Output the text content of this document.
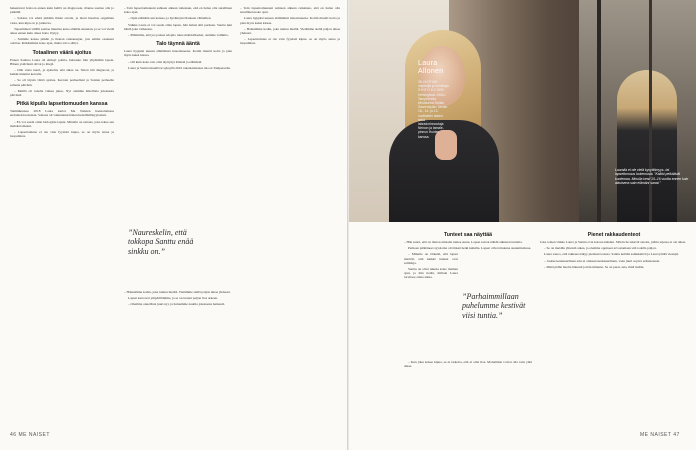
hakeutuvat hoitoon ennen kuin heillä on diagnoosia, tilanne saattaa olla jo pitkällä.

– Sairaus voi edetä pitkään ilman oireita, ja moni huomaa ongelman vasta, kun kipu on jo jatkuvaa.

Tapaaminen välillä saattaa muuttaa koko elämän suunnan, ja se voi viedä aikaa ennen kuin oikea hoito löytyy.

– Saimme kokea pitkän ja ihanan raskausajan, jota emme osanneet odottaa. Pelkäsimme koko ajan, mutta toivo säilyi.

Totaalinen väärä ajoitus

Ennen Santtua Laura oli ehtinyt pohtia, haluaako hän ylipäätään lapsia. Hänen ystävänsä olivat jo äitejä.

– Olin vasta nuori, ja ajattelin, että aikaa on. Sitten tuli diagnoosi, ja kaikki muuttui kerralla.

– Se oli täysin väärä ajoitus. Kerroin perheelleni ja Santun perheelle samana päivänä.

– Meillä oli todella vaikea jakso. Nyt olemme kiitollisia jokaisesta päivästä.

Pitkä kipuilu lapsettomuuden kanssa

Tammikuussa 2018 Laura kertoi Me Naisten haastattelussa endometrioosistaan. Sairaus oli vaikuttanut hänen hedelmällisyyteensä.

– En voi saada omia biologisia lapsia. Minulla on sairaus, joka tekee sen mahdottomaksi.

– Lapsettomuus ei ole vain fyysistä kipua, se on myös surua ja luopumista.

– Tein lapsettomuuteni suhteen alkuun ratkaisun, että en halua olla surullinen koko ajan.

– Opin elämään sen kanssa, ja hyväksyin tilanteen vähitellen.

Vaikka Laura ei voi saada omia lapsia, hän halusi silti perheen. Santtu tuki häntä joka vaiheessa.

– Päätimme, että jos joskus adoptio tulee mahdolliseksi, olemme valmiita.

Talo täynnä ääntä

Laura hyppäsi uuteen elämäänsä innostuneena. Kotiin muutti koira ja pian myös kaksi kissaa.

– Oli kuin koko talo olisi täyttynyt äänistä ja elämästä.

Laura ja Santtu muuttivat syksyllä 2022 rakentamaansa taloon Tampereelle.

– Halusimme kodin, joka tuntuu meiltä. Vietämme siellä paljon aikaa yhdessä.

Lapset kasvavat ympärillämme, ja se on tuonut paljon iloa arkeen.

– Olemme onnellisia juuri nyt, ja haluamme nauttia jokaisesta hetkestä.

”Naureskelin, että tokkopa Santtu enää sinkku on.”

– Tein lapsettomuuteni suhteen alkuun ratkaisun, että en halua olla surullinen koko ajan.

Laura hyppäsi uuteen elämäänsä innostuneena. Kotiin muutti koira ja pian myös kaksi kissaa.

– Halusimme kodin, joka tuntuu meiltä. Vietämme siellä paljon aikaa yhdessä.

– Lapsettomuus ei ole vain fyysistä kipua, se on myös surua ja luopumista.

46 ME NAISET
Laura Allonen
35-VUOTIAS näyttelijä ja toimittaja. SYNTYI 8.2.1990 Helsingissä. ASUU Tampereella kihlattunsa Santtu Saarenkylän, tämän 16-, 14- ja 12-vuotiaiden lasten sekä labradorinnoutaja Neinon ja tamale-pinnun Huiden kanssa.
Lauralla ei ole vielä kyvyttömyys- tai lapsettomuus kokemusta. ”Kaikki pelkäävät kuolemaa. Minulla kesti 15–16 vuotta ennen kuin aikuisena sain elämäni sanat.”
Tunteet saa näyttää

– Hän sanoi, että on ihan normaalia tuntea surua. Lapset saavat nähdä aikuisen tunteita.

Perheen päättäneet syysloma oli tärkeä hetki kaikille. Lapset olivat mukana suunnittelussa.

– Minulle on tärkeää, että lapset tietävät, että kaikki tunteet ovat sallittuja.

Santtu on ollut tukena koko matkan ajan, ja hän tietää, milloin Laura tarvitsee omaa aikaa.

– Kun joku kokee kipua, se ei tarkoita, että ei olisi iloa. Molemmat voivat olla totta yhtä aikaa.

”Parhaimmillaan puhelumme kestivät viisi tuntia.”
Pienet rakkaudenteot

Joka toinen viikko Laura ja Santtu ovat kotona kahden. Silloin he tekevät asioita, joihin arjessa ei ole aikaa.

– Se on meidän yhteistä aikaa, ja olemme oppineet arvostamaan sitä todella paljon.

Laura sanoo, että rakkaus näkyy pienissä teoissa. Santtu keittää aamukahvit ja Laura jättää viestejä.

– Joskus keskeneräinen asia ei olekaan keskeneräinen, vaan juuri sopiva sellaisenaan.

– Minä pidän huolta hänestä ja hän minusta. Se on paras asia, mitä tiedän.

ME NAISET 47
